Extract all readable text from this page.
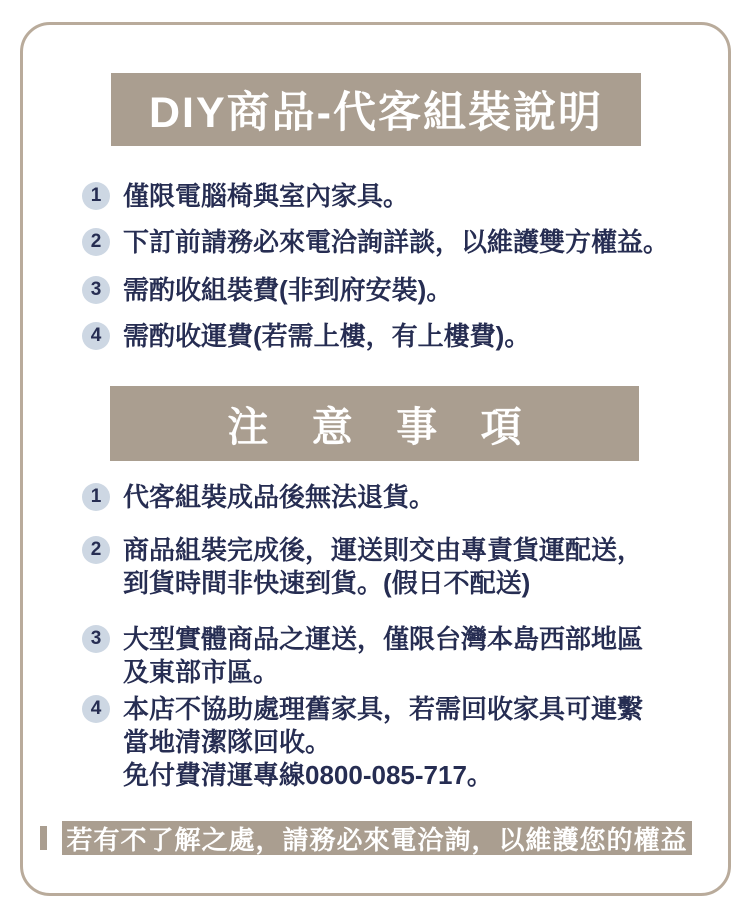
DIY商品-代客組裝說明
1 僅限電腦椅與室內家具。
2 下訂前請務必來電洽詢詳談，以維護雙方權益。
3 需酌收組裝費(非到府安裝)。
4 需酌收運費(若需上樓，有上樓費)。
注 意 事 項
1 代客組裝成品後無法退貨。
2 商品組裝完成後，運送則交由專責貨運配送，
到貨時間非快速到貨。(假日不配送)
3 大型實體商品之運送，僅限台灣本島西部地區
及東部市區。
4 本店不協助處理舊家具，若需回收家具可連繫
當地清潔隊回收。
免付費清運專線0800-085-717。
若有不了解之處，請務必來電洽詢，以維護您的權益
